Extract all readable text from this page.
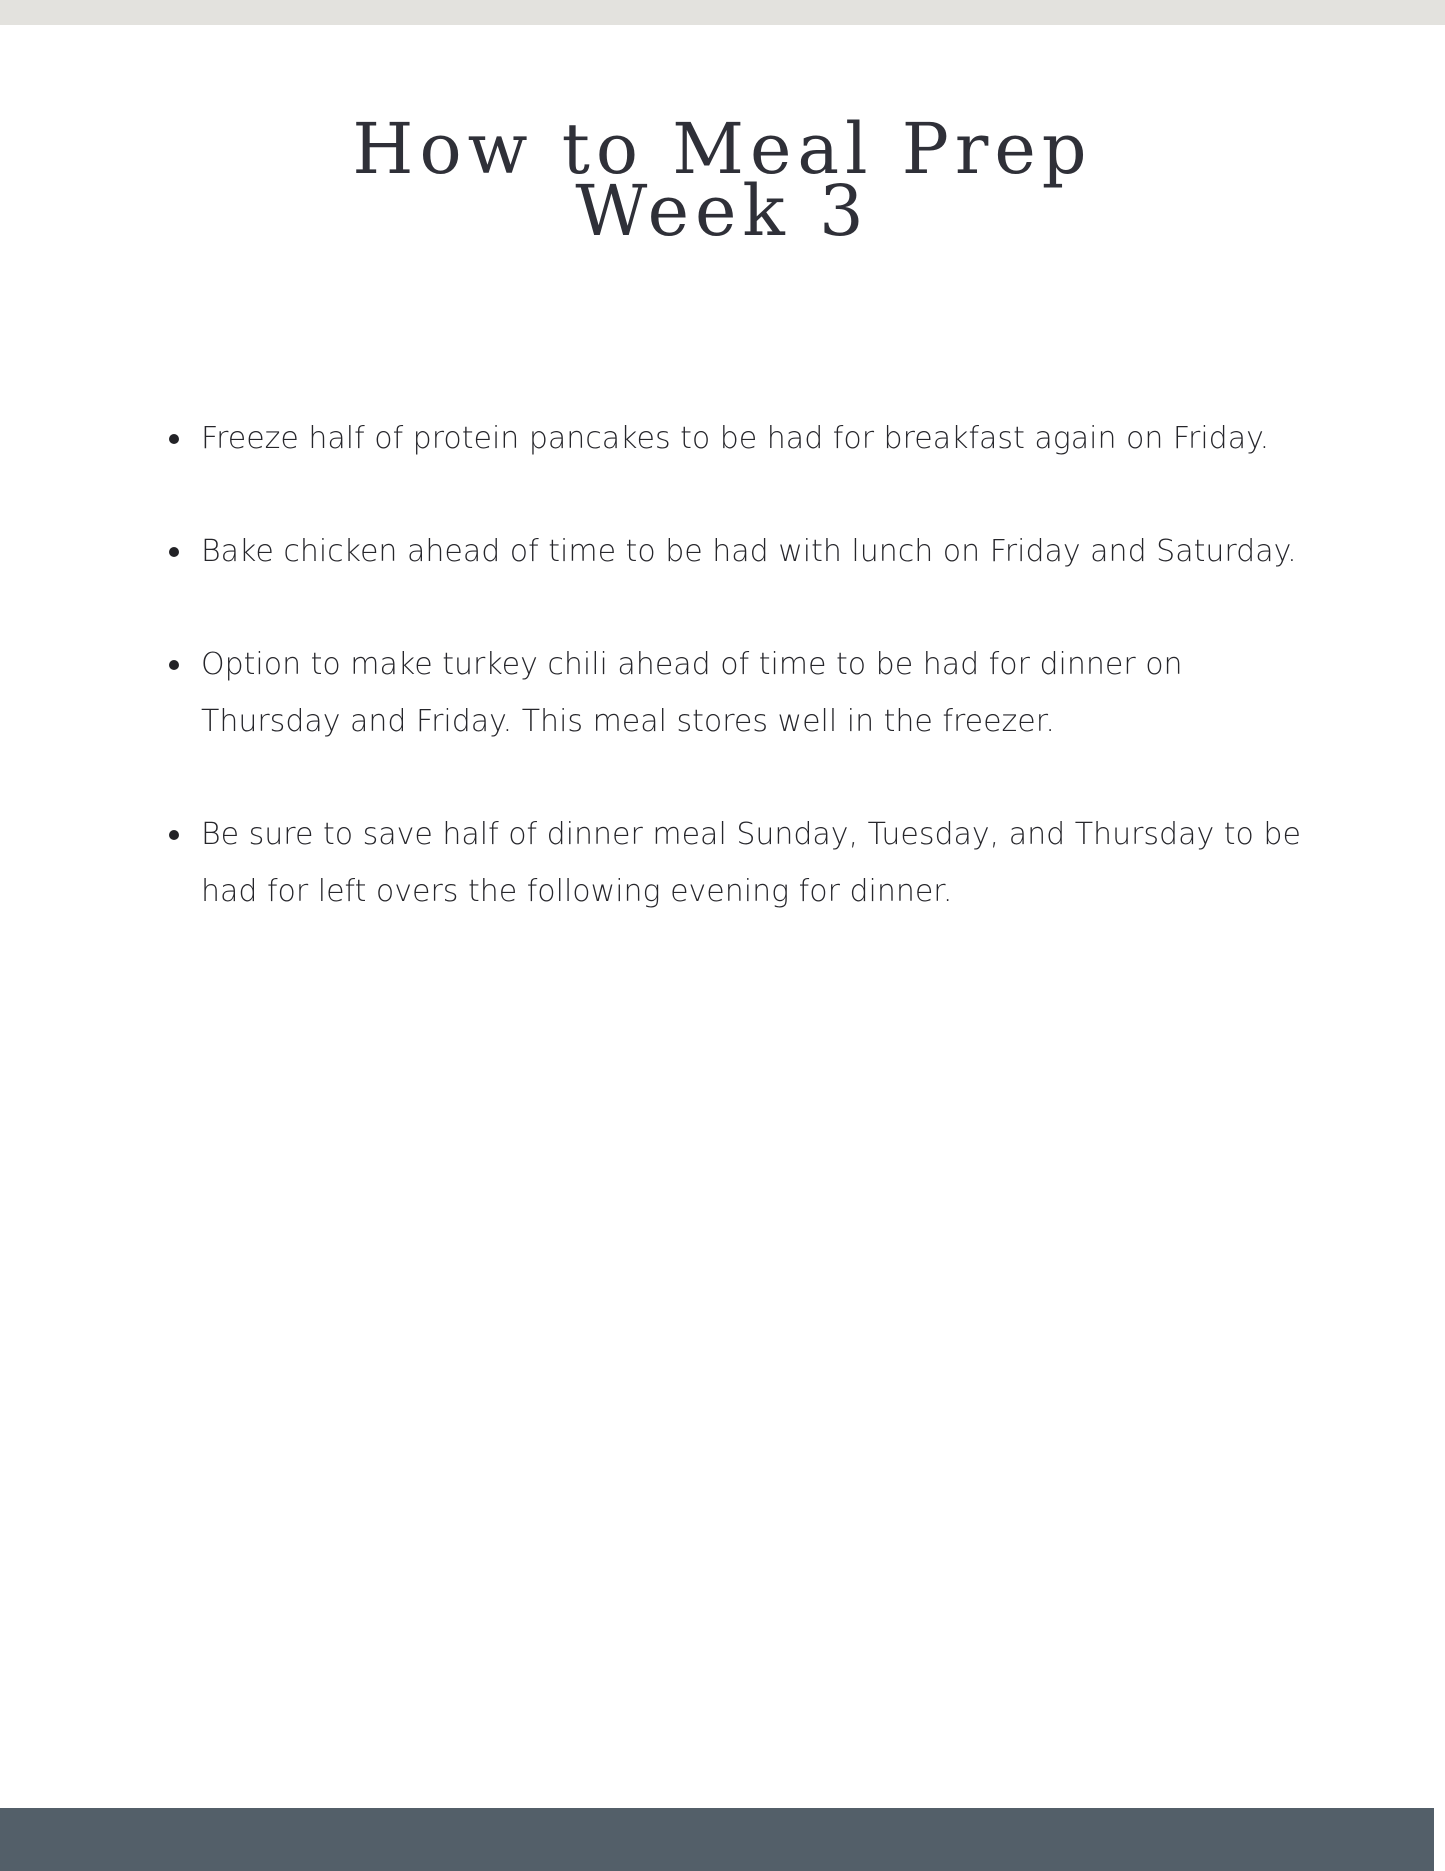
How to Meal Prep
Week 3
Freeze half of protein pancakes to be had for breakfast again on Friday.
Bake chicken ahead of time to be had with lunch on Friday and Saturday.
Option to make turkey chili ahead of time to be had for dinner on Thursday and Friday. This meal stores well in the freezer.
Be sure to save half of dinner meal Sunday, Tuesday, and Thursday to be had for left overs the following evening for dinner.
